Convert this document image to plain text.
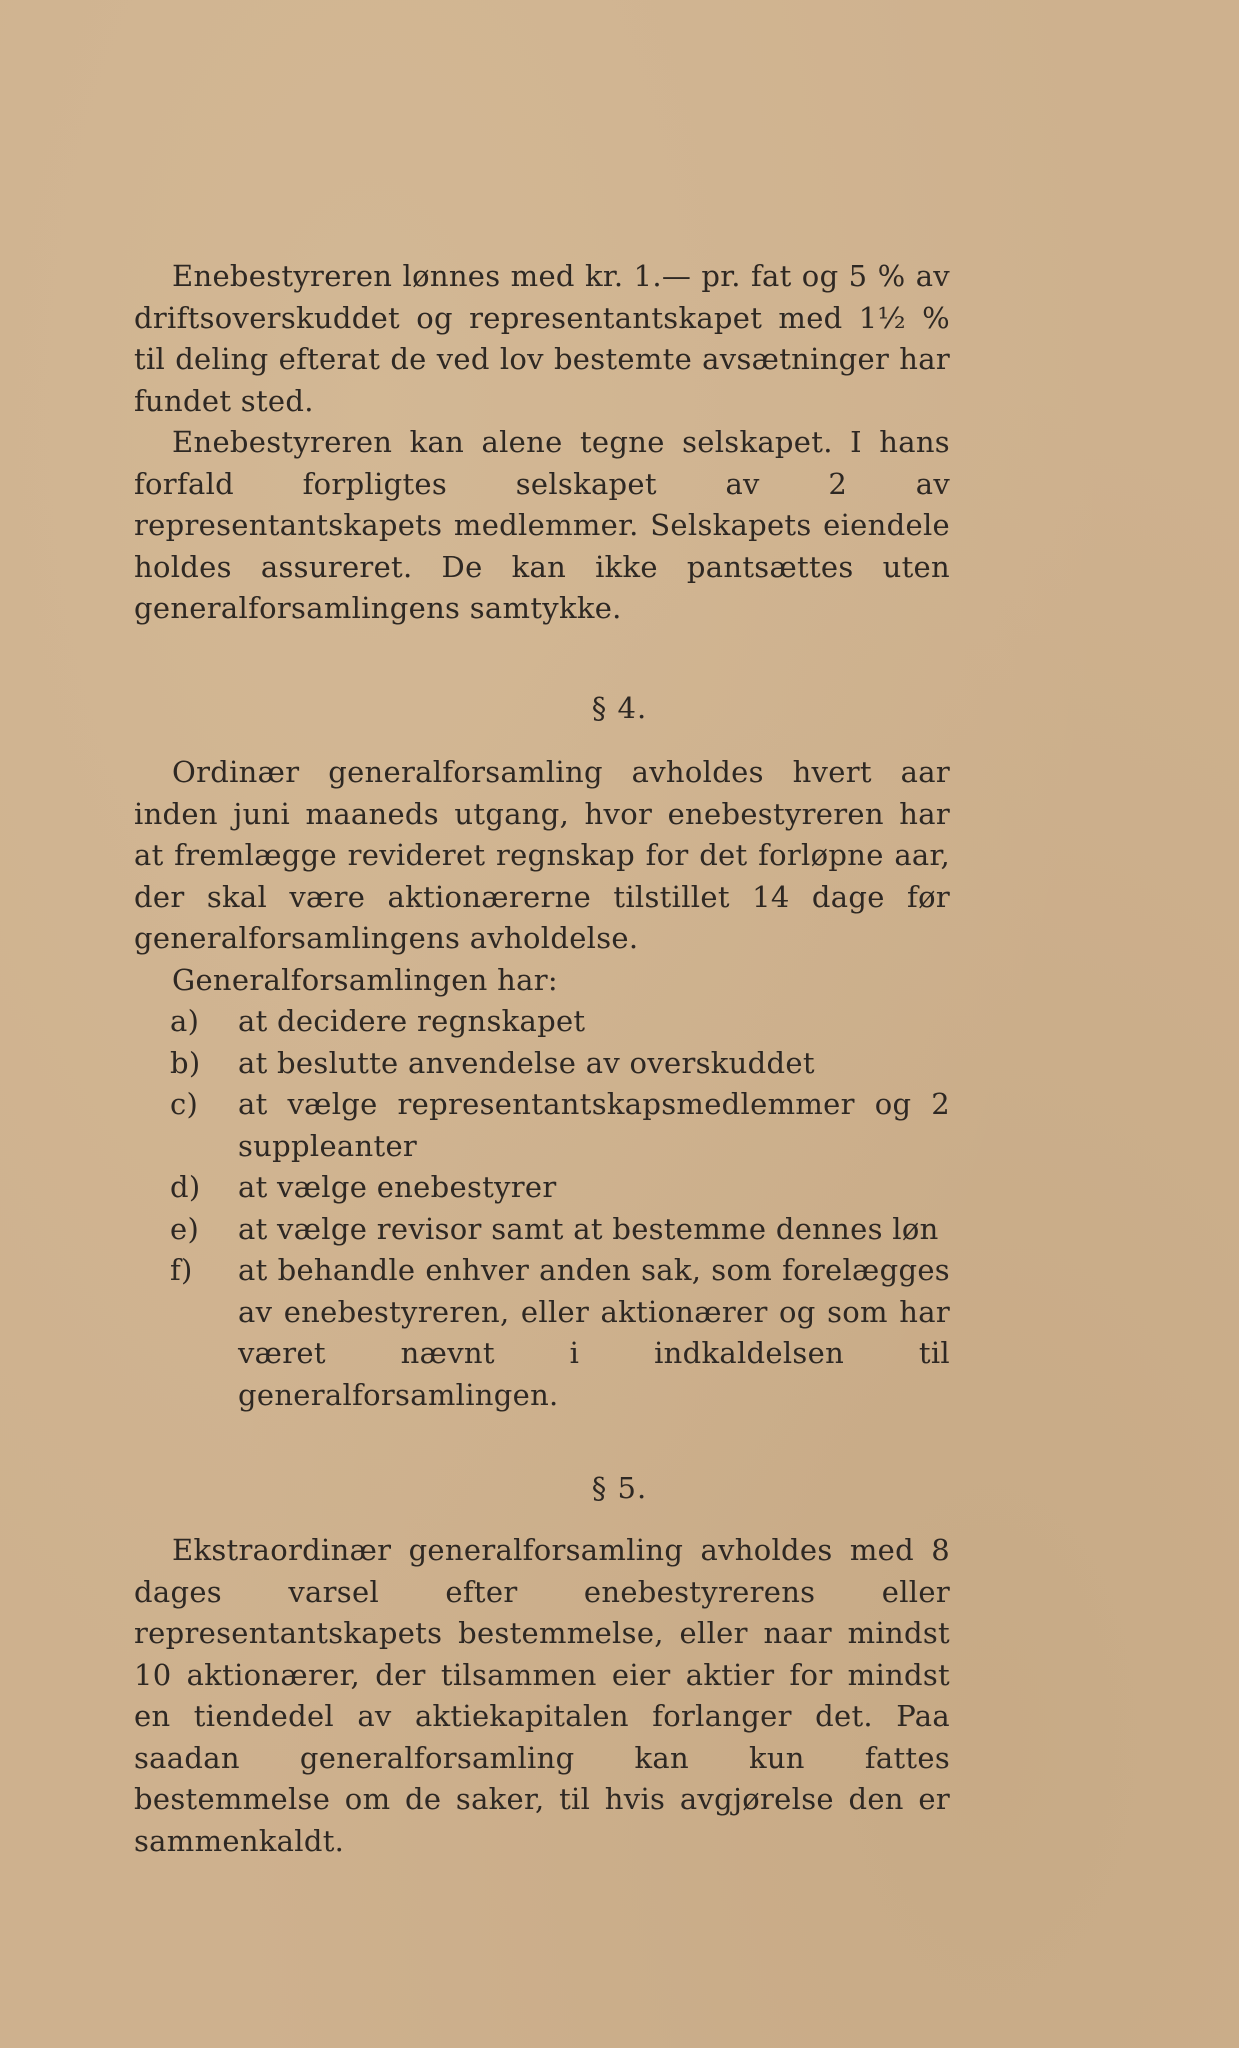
Enebestyreren lønnes med kr. 1.— pr. fat og 5 % av driftsoverskuddet og representantskapet med 1½ % til deling efterat de ved lov bestemte avsætninger har fundet sted.

Enebestyreren kan alene tegne selskapet. I hans forfald forpligtes selskapet av 2 av representantskapets medlemmer. Selskapets eiendele holdes assureret. De kan ikke pantsættes uten generalforsamlingens samtykke.

§ 4.

Ordinær generalforsamling avholdes hvert aar inden juni maaneds utgang, hvor enebestyreren har at fremlægge revideret regnskap for det forløpne aar, der skal være aktionærerne tilstillet 14 dage før generalforsamlingens avholdelse.

Generalforsamlingen har:

a) at decidere regnskapet
b) at beslutte anvendelse av overskuddet
c) at vælge representantskapsmedlemmer og 2 suppleanter
d) at vælge enebestyrer
e) at vælge revisor samt at bestemme dennes løn
f) at behandle enhver anden sak, som forelægges av enebestyreren, eller aktionærer og som har været nævnt i indkaldelsen til generalforsamlingen.
§ 5.

Ekstraordinær generalforsamling avholdes med 8 dages varsel efter enebestyrerens eller representantskapets bestemmelse, eller naar mindst 10 aktionærer, der tilsammen eier aktier for mindst en tiendedel av aktiekapitalen forlanger det. Paa saadan generalforsamling kan kun fattes bestemmelse om de saker, til hvis avgjørelse den er sammenkaldt.
